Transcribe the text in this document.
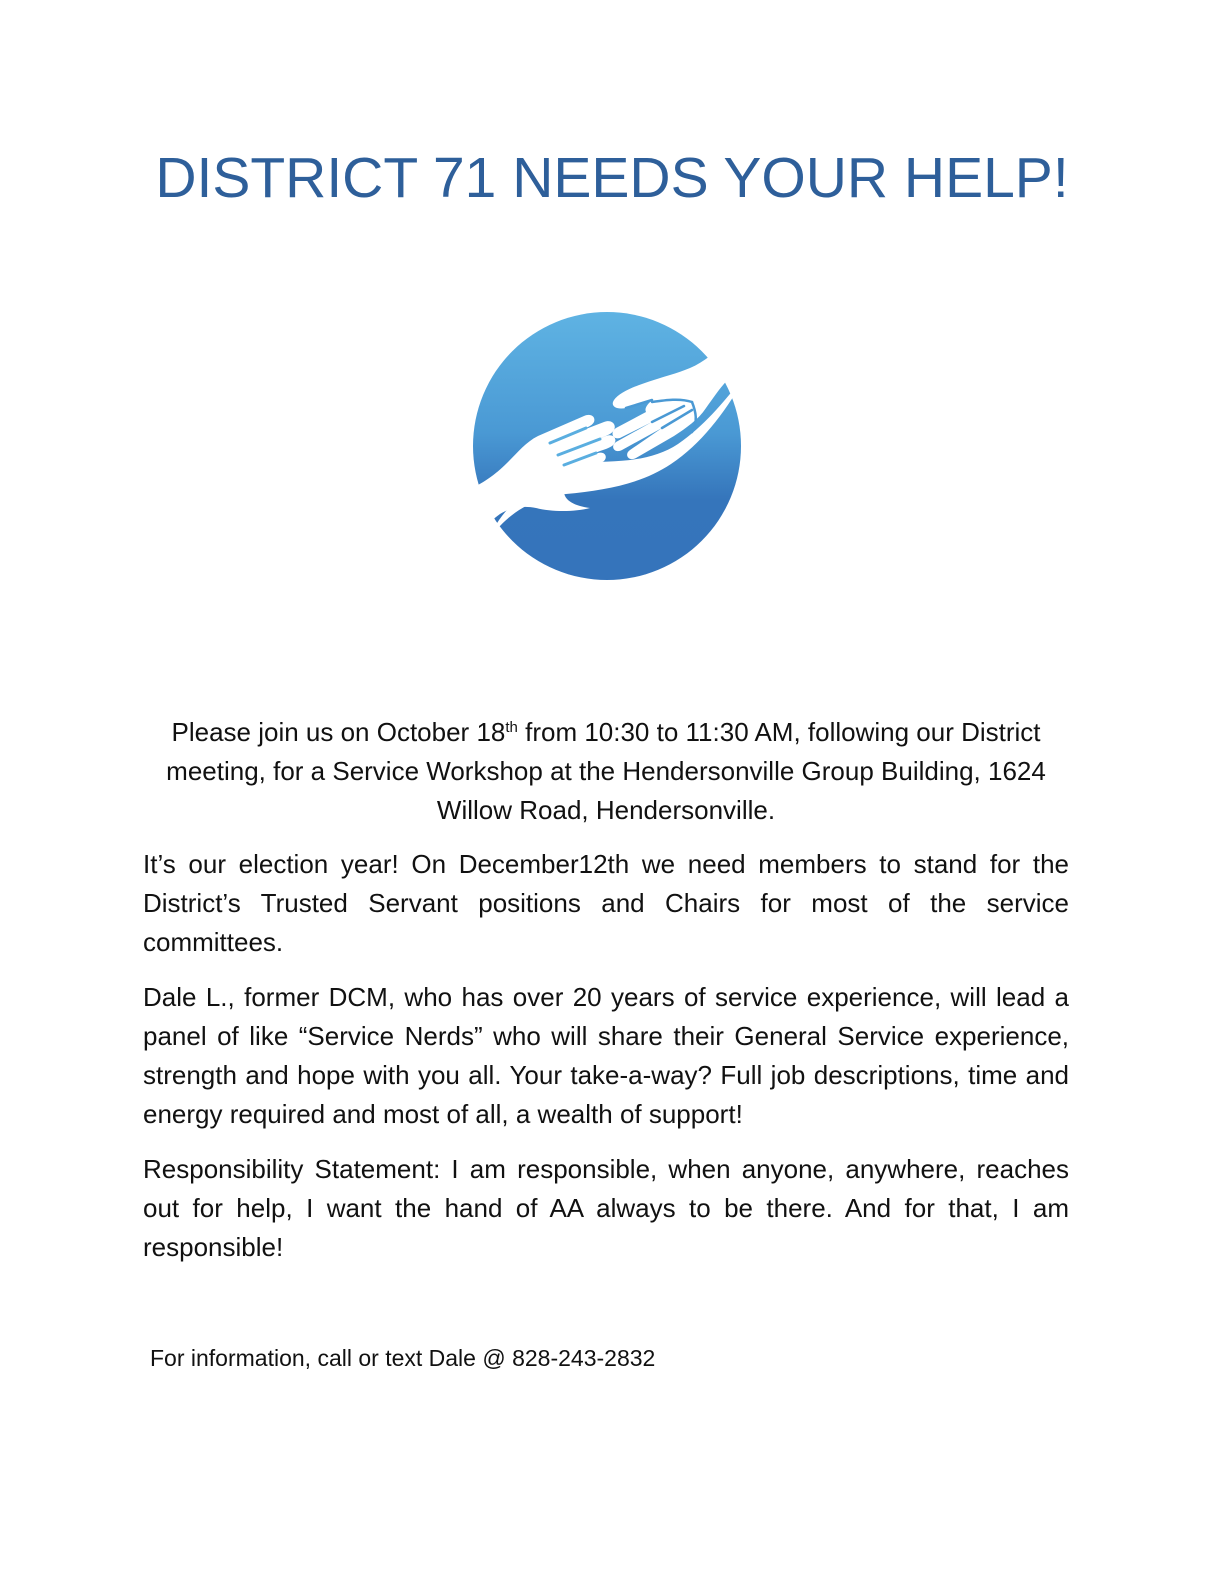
DISTRICT 71 NEEDS YOUR HELP!

Please join us on October 18th from 10:30 to 11:30 AM, following our District meeting, for a Service Workshop at the Hendersonville Group Building, 1624 Willow Road, Hendersonville.

It’s our election year! On December12th we need members to stand for the District’s Trusted Servant positions and Chairs for most of the service committees.

Dale L., former DCM, who has over 20 years of service experience, will lead a panel of like “Service Nerds” who will share their General Service experience, strength and hope with you all. Your take-a-way? Full job descriptions, time and energy required and most of all, a wealth of support!

Responsibility Statement: I am responsible, when anyone, anywhere, reaches out for help, I want the hand of AA always to be there. And for that, I am responsible!

For information, call or text Dale @ 828-243-2832
